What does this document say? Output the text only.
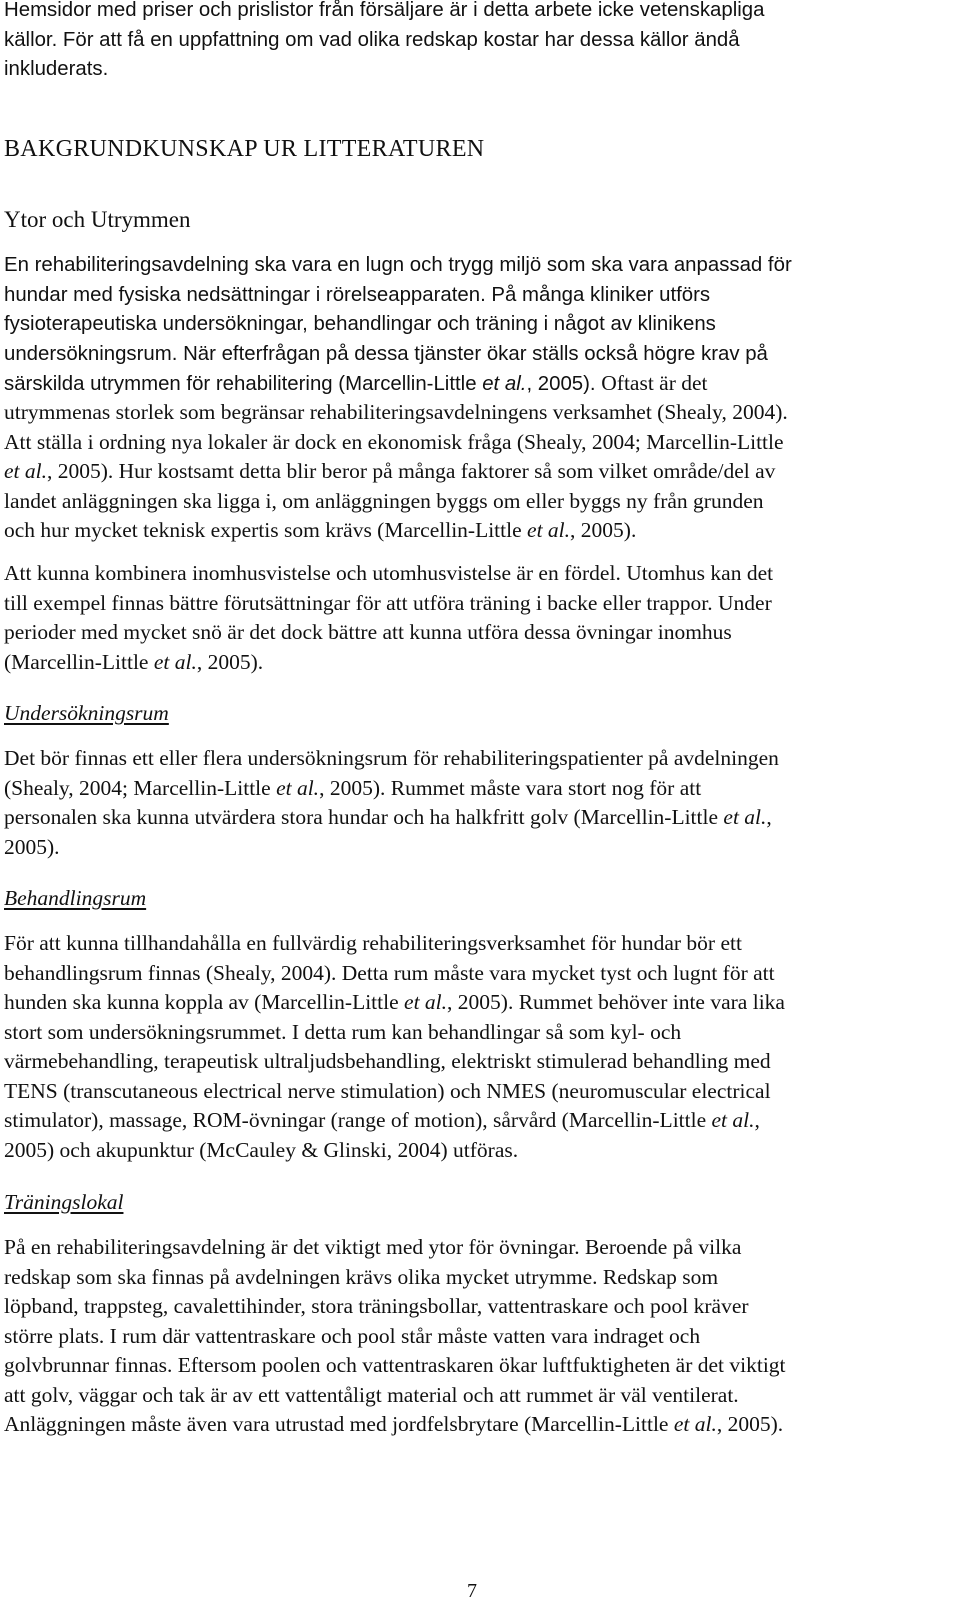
Hemsidor med priser och prislistor från försäljare är i detta arbete icke vetenskapliga
källor. För att få en uppfattning om vad olika redskap kostar har dessa källor ändå
inkluderats.
BAKGRUNDKUNSKAP UR LITTERATUREN
Ytor och Utrymmen
En rehabiliteringsavdelning ska vara en lugn och trygg miljö som ska vara anpassad för
hundar med fysiska nedsättningar i rörelseapparaten. På många kliniker utförs
fysioterapeutiska undersökningar, behandlingar och träning i något av klinikens
undersökningsrum. När efterfrågan på dessa tjänster ökar ställs också högre krav på
särskilda utrymmen för rehabilitering (Marcellin-Little et al., 2005). Oftast är det
utrymmenas storlek som begränsar rehabiliteringsavdelningens verksamhet (Shealy, 2004).
Att ställa i ordning nya lokaler är dock en ekonomisk fråga (Shealy, 2004; Marcellin-Little
et al., 2005). Hur kostsamt detta blir beror på många faktorer så som vilket område/del av
landet anläggningen ska ligga i, om anläggningen byggs om eller byggs ny från grunden
och hur mycket teknisk expertis som krävs (Marcellin-Little et al., 2005).
Att kunna kombinera inomhusvistelse och utomhusvistelse är en fördel. Utomhus kan det
till exempel finnas bättre förutsättningar för att utföra träning i backe eller trappor. Under
perioder med mycket snö är det dock bättre att kunna utföra dessa övningar inomhus
(Marcellin-Little et al., 2005).
Undersökningsrum
Det bör finnas ett eller flera undersökningsrum för rehabiliteringspatienter på avdelningen
(Shealy, 2004; Marcellin-Little et al., 2005). Rummet måste vara stort nog för att
personalen ska kunna utvärdera stora hundar och ha halkfritt golv (Marcellin-Little et al.,
2005).
Behandlingsrum
För att kunna tillhandahålla en fullvärdig rehabiliteringsverksamhet för hundar bör ett
behandlingsrum finnas (Shealy, 2004). Detta rum måste vara mycket tyst och lugnt för att
hunden ska kunna koppla av (Marcellin-Little et al., 2005). Rummet behöver inte vara lika
stort som undersökningsrummet. I detta rum kan behandlingar så som kyl- och
värmebehandling, terapeutisk ultraljudsbehandling, elektriskt stimulerad behandling med
TENS (transcutaneous electrical nerve stimulation) och NMES (neuromuscular electrical
stimulator), massage, ROM-övningar (range of motion), sårvård (Marcellin-Little et al.,
2005) och akupunktur (McCauley & Glinski, 2004) utföras.
Träningslokal
På en rehabiliteringsavdelning är det viktigt med ytor för övningar. Beroende på vilka
redskap som ska finnas på avdelningen krävs olika mycket utrymme. Redskap som
löpband, trappsteg, cavalettihinder, stora träningsbollar, vattentraskare och pool kräver
större plats. I rum där vattentraskare och pool står måste vatten vara indraget och
golvbrunnar finnas. Eftersom poolen och vattentraskaren ökar luftfuktigheten är det viktigt
att golv, väggar och tak är av ett vattentåligt material och att rummet är väl ventilerat.
Anläggningen måste även vara utrustad med jordfelsbrytare (Marcellin-Little et al., 2005).
7
